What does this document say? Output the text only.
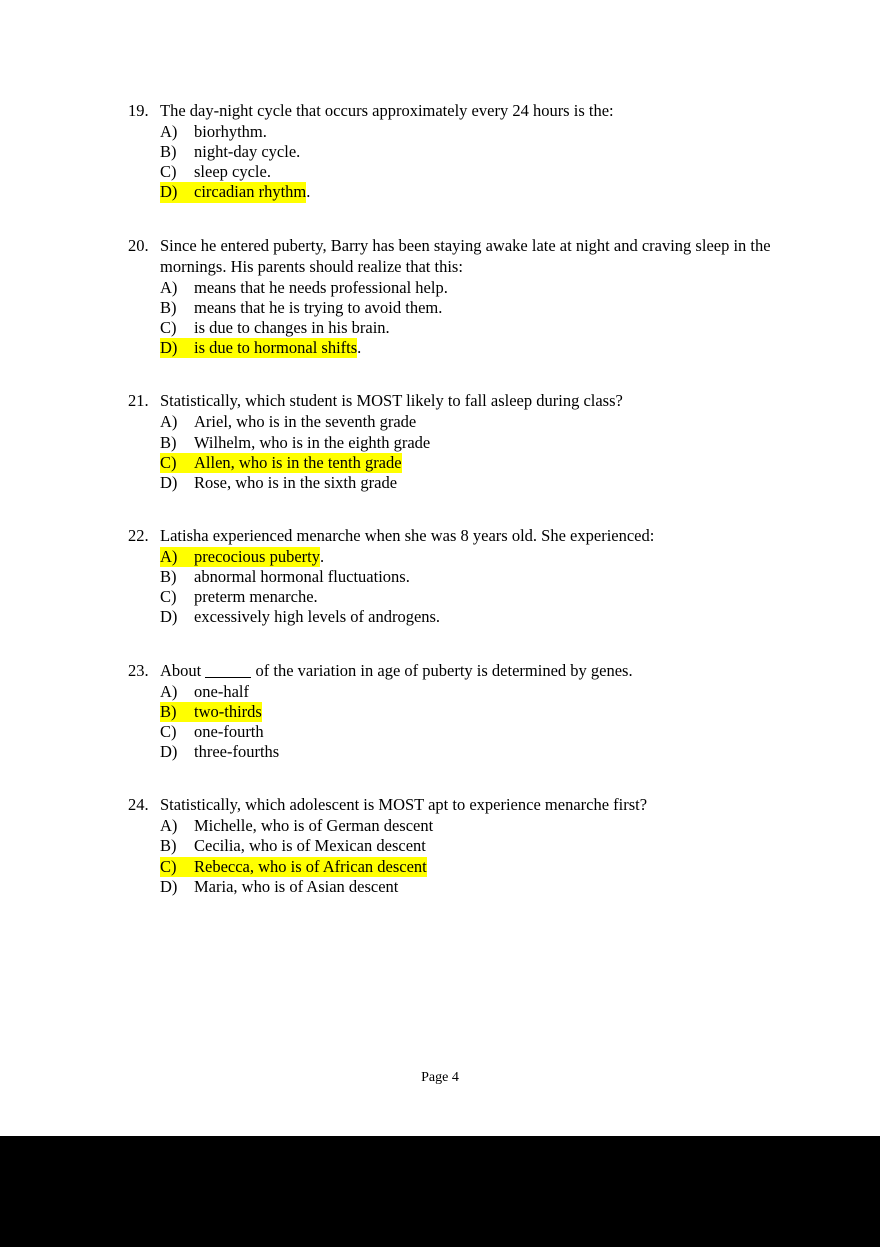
19. The day-night cycle that occurs approximately every 24 hours is the:
A)	biorhythm.
B)	night-day cycle.
C)	sleep cycle.
D)	circadian rhythm .
20. Since he entered puberty, Barry has been staying awake late at night and craving sleep in the mornings. His parents should realize that this:
A)	means that he needs professional help.
B)	means that he is trying to avoid them.
C)	is due to changes in his brain.
D)	is due to hormonal shifts .
21. Statistically, which student is MOST likely to fall asleep during class?
A)	Ariel, who is in the seventh grade
B)	Wilhelm, who is in the eighth grade
C)	Allen, who is in the tenth grade
D)	Rose, who is in the sixth grade
22. Latisha experienced menarche when she was 8 years old. She experienced:
A)	precocious puberty .
B)	abnormal hormonal fluctuations.
C)	preterm menarche.
D)	excessively high levels of androgens.
23. About	of the variation in age of puberty is determined by genes.
A)	one-half
B)	two-thirds
C)	one-fourth
D)	three-fourths
24. Statistically, which adolescent is MOST apt to experience menarche first?
A)	Michelle, who is of German descent
B)	Cecilia, who is of Mexican descent
C)	Rebecca, who is of African descent
D)	Maria, who is of Asian descent
Page 4
